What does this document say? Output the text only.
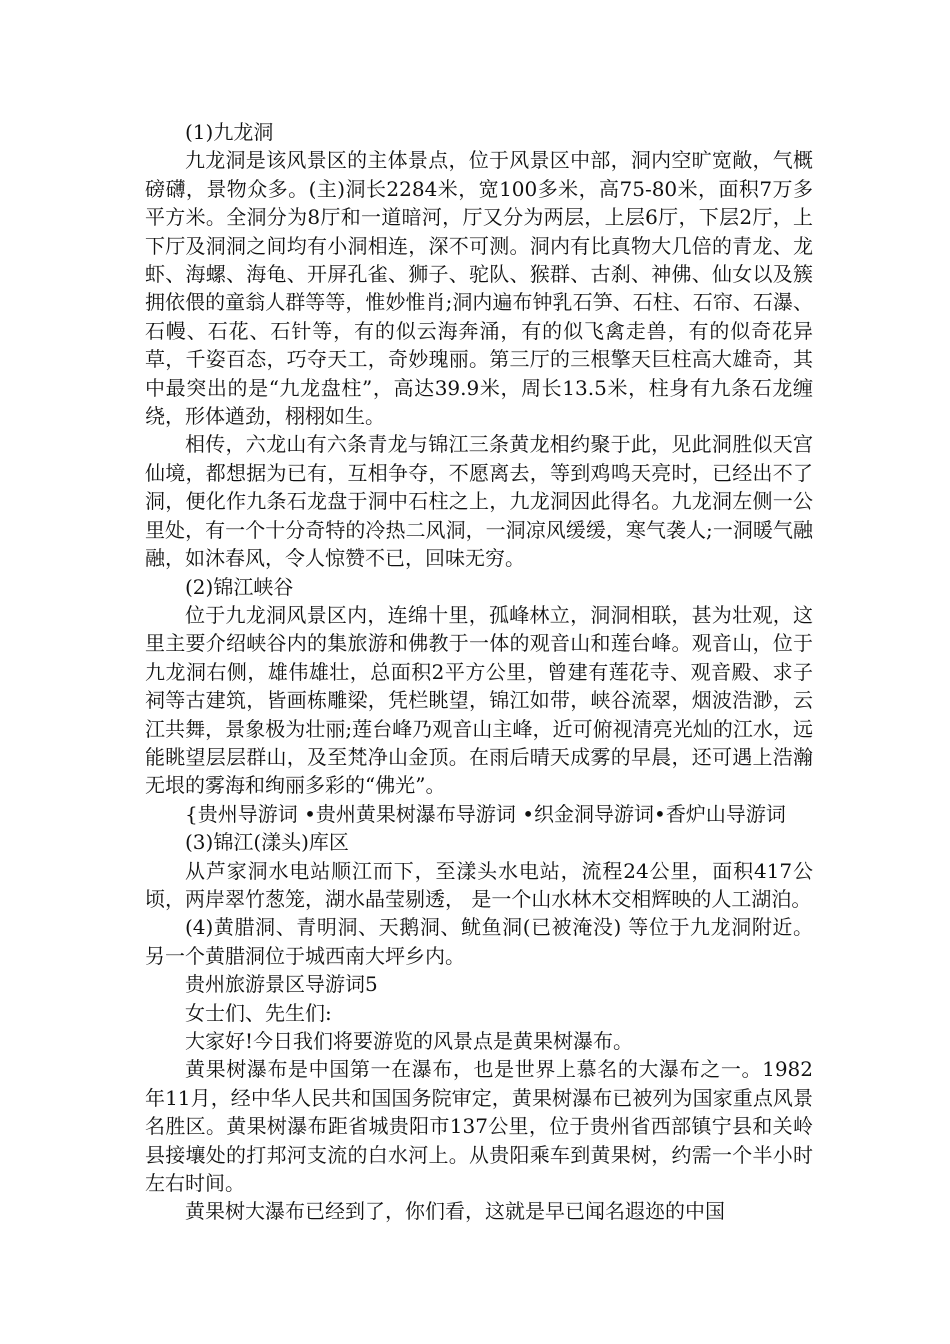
(1)九龙洞

九龙洞是该风景区的主体景点，位于风景区中部，洞内空旷宽敞，气概磅礴，景物众多。(主)洞长2284米，宽100多米，高75-80米，面积7万多平方米。全洞分为8厅和一道暗河，厅又分为两层，上层6厅，下层2厅，上下厅及洞洞之间均有小洞相连，深不可测。洞内有比真物大几倍的青龙、龙虾、海螺、海龟、开屏孔雀、狮子、驼队、猴群、古刹、神佛、仙女以及簇拥依偎的童翁人群等等，惟妙惟肖;洞内遍布钟乳石笋、石柱、石帘、石瀑、石幔、石花、石针等，有的似云海奔涌，有的似飞禽走兽，有的似奇花异草，千姿百态，巧夺天工，奇妙瑰丽。第三厅的三根擎天巨柱高大雄奇，其中最突出的是“九龙盘柱”，高达39.9米，周长13.5米，柱身有九条石龙缠绕，形体遒劲，栩栩如生。

相传，六龙山有六条青龙与锦江三条黄龙相约聚于此，见此洞胜似天宫仙境，都想据为已有，互相争夺，不愿离去，等到鸡鸣天亮时，已经出不了洞，便化作九条石龙盘于洞中石柱之上，九龙洞因此得名。九龙洞左侧一公里处，有一个十分奇特的冷热二风洞，一洞凉风缓缓，寒气袭人;一洞暖气融融，如沐春风，令人惊赞不已，回味无穷。

(2)锦江峡谷

位于九龙洞风景区内，连绵十里，孤峰林立，洞洞相联，甚为壮观，这里主要介绍峡谷内的集旅游和佛教于一体的观音山和莲台峰。观音山，位于九龙洞右侧，雄伟雄壮，总面积2平方公里，曾建有莲花寺、观音殿、求子祠等古建筑，皆画栋雕梁，凭栏眺望，锦江如带，峡谷流翠，烟波浩渺，云江共舞，景象极为壮丽;莲台峰乃观音山主峰，近可俯视清亮光灿的江水，远能眺望层层群山，及至梵净山金顶。在雨后晴天成雾的早晨，还可遇上浩瀚无垠的雾海和绚丽多彩的“佛光”。

{贵州导游词 •贵州黄果树瀑布导游词 •织金洞导游词•香炉山导游词

(3)锦江(漾头)库区

从芦家洞水电站顺江而下，至漾头水电站，流程24公里，面积417公顷，两岸翠竹葱笼，湖水晶莹剔透， 是一个山水林木交相辉映的人工湖泊。

(4)黄腊洞、青明洞、天鹅洞、鱿鱼洞(已被淹没) 等位于九龙洞附近。另一个黄腊洞位于城西南大坪乡内。

贵州旅游景区导游词5

女士们、先生们:

大家好!今日我们将要游览的风景点是黄果树瀑布。

黄果树瀑布是中国第一在瀑布，也是世界上慕名的大瀑布之一。1982年11月，经中华人民共和国国务院审定，黄果树瀑布已被列为国家重点风景名胜区。黄果树瀑布距省城贵阳市137公里，位于贵州省西部镇宁县和关岭县接壤处的打邦河支流的白水河上。从贵阳乘车到黄果树，约需一个半小时左右时间。

黄果树大瀑布已经到了，你们看，这就是早已闻名遐迩的中国
